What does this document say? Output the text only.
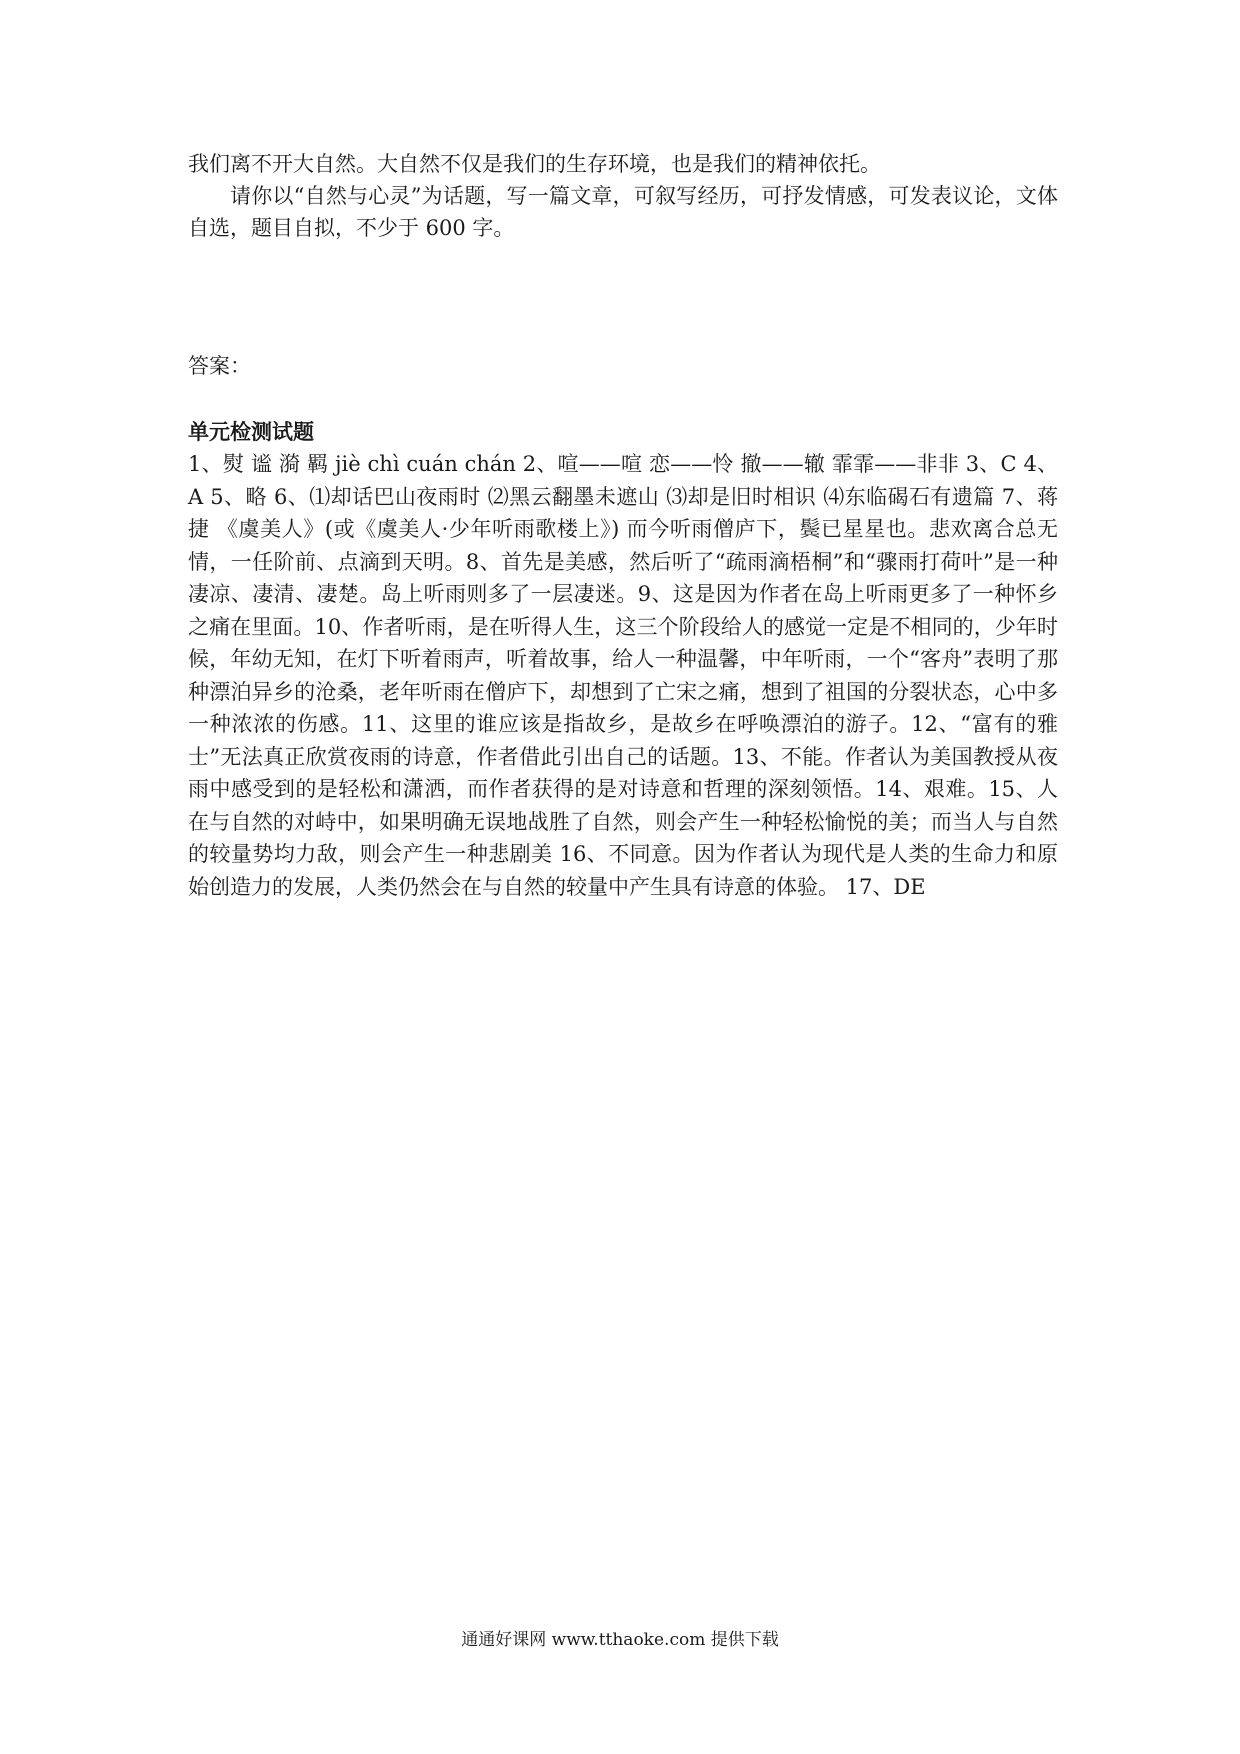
我们离不开大自然。大自然不仅是我们的生存环境，也是我们的精神依托。

请你以“自然与心灵”为话题，写一篇文章，可叙写经历，可抒发情感，可发表议论，文体自选，题目自拟，不少于 600 字。

答案：

单元检测试题

1、熨 谧 漪 羁 jiè chì cuán chán 2、喧——喧 恋——怜 撤——辙 霏霏——非非 3、C 4、A 5、略 6、⑴却话巴山夜雨时 ⑵黑云翻墨未遮山 ⑶却是旧时相识 ⑷东临碣石有遗篇 7、蒋捷 《虞美人》(或《虞美人·少年听雨歌楼上》) 而今听雨僧庐下，鬓已星星也。悲欢离合总无情，一任阶前、点滴到天明。8、首先是美感，然后听了“疏雨滴梧桐”和“骤雨打荷叶”是一种凄凉、凄清、凄楚。岛上听雨则多了一层凄迷。9、这是因为作者在岛上听雨更多了一种怀乡之痛在里面。10、作者听雨，是在听得人生，这三个阶段给人的感觉一定是不相同的，少年时候，年幼无知，在灯下听着雨声，听着故事，给人一种温馨，中年听雨，一个“客舟”表明了那种漂泊异乡的沧桑，老年听雨在僧庐下，却想到了亡宋之痛，想到了祖国的分裂状态，心中多一种浓浓的伤感。11、这里的谁应该是指故乡，是故乡在呼唤漂泊的游子。12、“富有的雅士”无法真正欣赏夜雨的诗意，作者借此引出自己的话题。13、不能。作者认为美国教授从夜雨中感受到的是轻松和潇洒，而作者获得的是对诗意和哲理的深刻领悟。14、艰难。15、人在与自然的对峙中，如果明确无误地战胜了自然，则会产生一种轻松愉悦的美；而当人与自然的较量势均力敌，则会产生一种悲剧美 16、不同意。因为作者认为现代是人类的生命力和原始创造力的发展，人类仍然会在与自然的较量中产生具有诗意的体验。 17、DE

通通好课网 www.tthaoke.com 提供下载
